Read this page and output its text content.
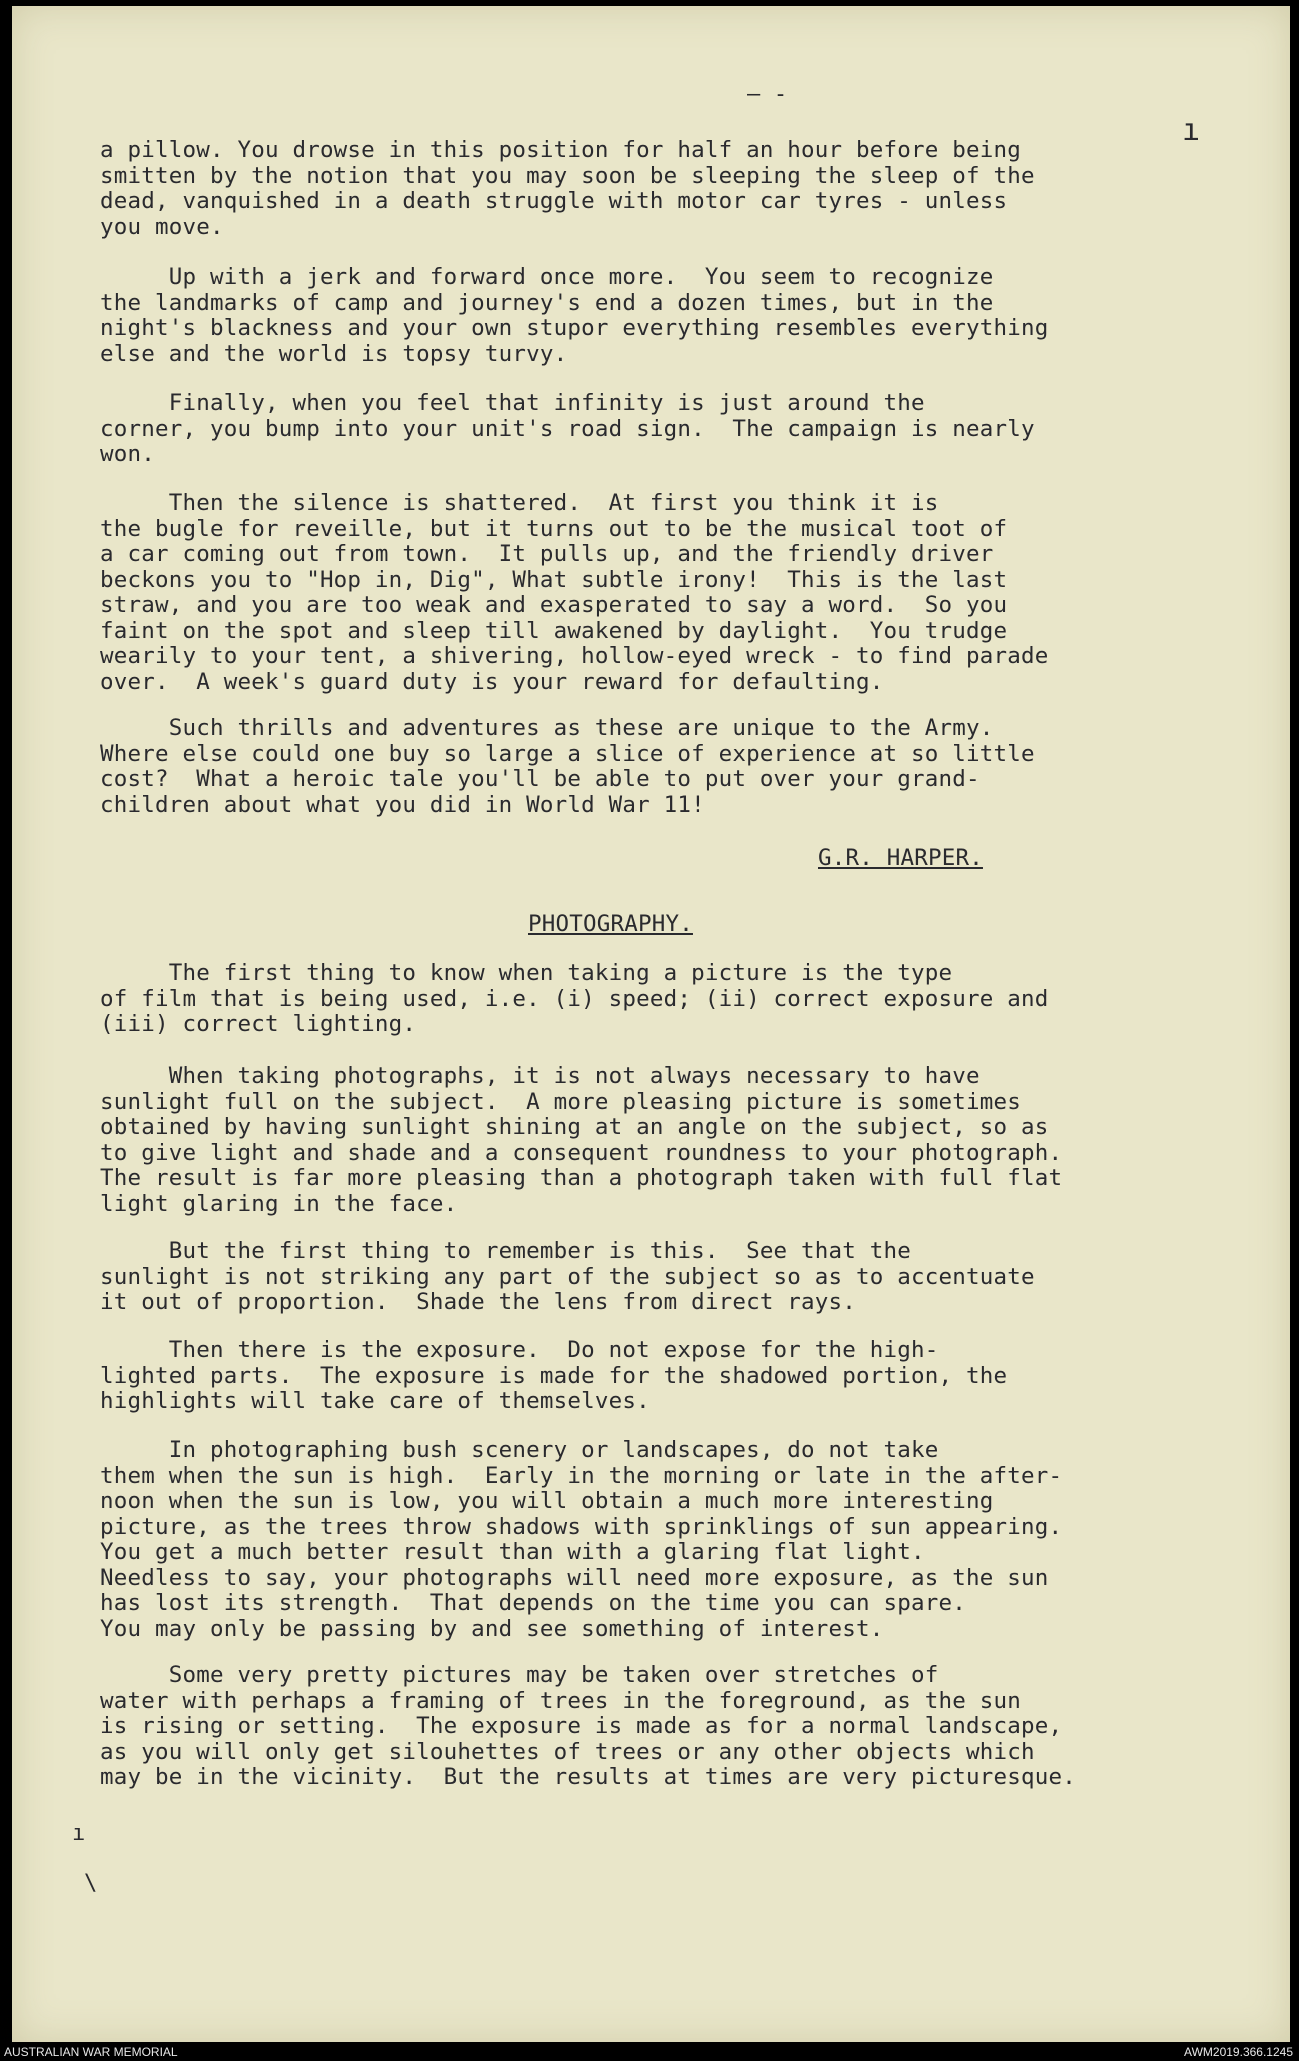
— -
ı
a pillow. You drowse in this position for half an hour before being
smitten by the notion that you may soon be sleeping the sleep of the
dead, vanquished in a death struggle with motor car tyres - unless
you move.
Up with a jerk and forward once more.  You seem to recognize
the landmarks of camp and journey's end a dozen times, but in the
night's blackness and your own stupor everything resembles everything
else and the world is topsy turvy.
Finally, when you feel that infinity is just around the
corner, you bump into your unit's road sign.  The campaign is nearly
won.
Then the silence is shattered.  At first you think it is
the bugle for reveille, but it turns out to be the musical toot of
a car coming out from town.  It pulls up, and the friendly driver
beckons you to "Hop in, Dig", What subtle irony!  This is the last
straw, and you are too weak and exasperated to say a word.  So you
faint on the spot and sleep till awakened by daylight.  You trudge
wearily to your tent, a shivering, hollow-eyed wreck - to find parade
over.  A week's guard duty is your reward for defaulting.
Such thrills and adventures as these are unique to the Army.
Where else could one buy so large a slice of experience at so little
cost?  What a heroic tale you'll be able to put over your grand-
children about what you did in World War 11!
G.R. HARPER.
PHOTOGRAPHY.
The first thing to know when taking a picture is the type
of film that is being used, i.e. (i) speed; (ii) correct exposure and
(iii) correct lighting.
When taking photographs, it is not always necessary to have
sunlight full on the subject.  A more pleasing picture is sometimes
obtained by having sunlight shining at an angle on the subject, so as
to give light and shade and a consequent roundness to your photograph.
The result is far more pleasing than a photograph taken with full flat
light glaring in the face.
But the first thing to remember is this.  See that the
sunlight is not striking any part of the subject so as to accentuate
it out of proportion.  Shade the lens from direct rays.
Then there is the exposure.  Do not expose for the high-
lighted parts.  The exposure is made for the shadowed portion, the
highlights will take care of themselves.
In photographing bush scenery or landscapes, do not take
them when the sun is high.  Early in the morning or late in the after-
noon when the sun is low, you will obtain a much more interesting
picture, as the trees throw shadows with sprinklings of sun appearing.
You get a much better result than with a glaring flat light.
Needless to say, your photographs will need more exposure, as the sun
has lost its strength.  That depends on the time you can spare.
You may only be passing by and see something of interest.
Some very pretty pictures may be taken over stretches of
water with perhaps a framing of trees in the foreground, as the sun
is rising or setting.  The exposure is made as for a normal landscape,
as you will only get silouhettes of trees or any other objects which
may be in the vicinity.  But the results at times are very picturesque.
ı
\
AUSTRALIAN WAR MEMORIAL	AWM2019.366.1245
